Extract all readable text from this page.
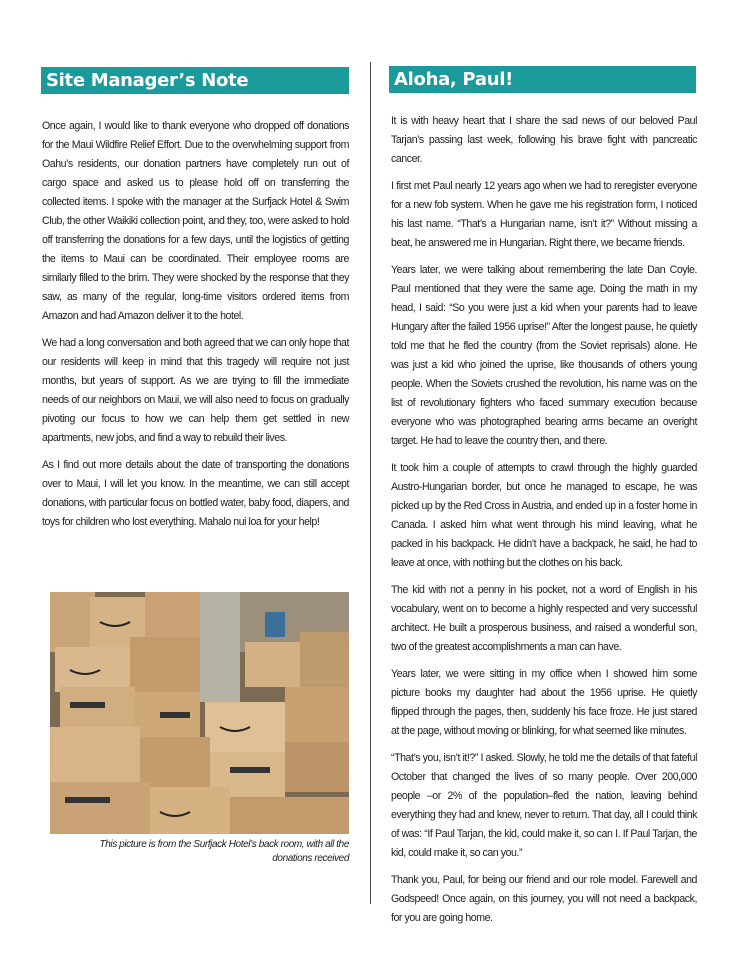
Site Manager’s Note

Once again, I would like to thank everyone who dropped off donations for the Maui Wildfire Relief Effort. Due to the overwhelming support from Oahu’s residents, our donation partners have completely run out of cargo space and asked us to please hold off on transferring the collected items. I spoke with the manager at the Surfjack Hotel & Swim Club, the other Waikiki collection point, and they, too, were asked to hold off transferring the donations for a few days, until the logistics of getting the items to Maui can be coordinated. Their employee rooms are similarly filled to the brim. They were shocked by the response that they saw, as many of the regular, long-time visitors ordered items from Amazon and had Amazon deliver it to the hotel.

We had a long conversation and both agreed that we can only hope that our residents will keep in mind that this tragedy will require not just months, but years of support. As we are trying to fill the immediate needs of our neighbors on Maui, we will also need to focus on gradually pivoting our focus to how we can help them get settled in new apartments, new jobs, and find a way to rebuild their lives.

As I find out more details about the date of transporting the donations over to Maui, I will let you know. In the meantime, we can still accept donations, with particular focus on bottled water, baby food, diapers, and toys for children who lost everything. Mahalo nui loa for your help!

This picture is from the Surfjack Hotel’s back room, with all the donations received
Aloha, Paul!

It is with heavy heart that I share the sad news of our beloved Paul Tarjan’s passing last week, following his brave fight with pancreatic cancer.

I first met Paul nearly 12 years ago when we had to reregister everyone for a new fob system. When he gave me his registration form, I noticed his last name. “That’s a Hungarian name, isn’t it?” Without missing a beat, he answered me in Hungarian. Right there, we became friends.

Years later, we were talking about remembering the late Dan Coyle. Paul mentioned that they were the same age. Doing the math in my head, I said: “So you were just a kid when your parents had to leave Hungary after the failed 1956 uprise!” After the longest pause, he quietly told me that he fled the country (from the Soviet reprisals) alone. He was just a kid who joined the uprise, like thousands of others young people. When the Soviets crushed the revolution, his name was on the list of revolutionary fighters who faced summary execution because everyone who was photographed bearing arms became an overight target. He had to leave the country then, and there.

It took him a couple of attempts to crawl through the highly guarded Austro-Hungarian border, but once he managed to escape, he was picked up by the Red Cross in Austria, and ended up in a foster home in Canada. I asked him what went through his mind leaving, what he packed in his backpack. He didn’t have a backpack, he said, he had to leave at once, with nothing but the clothes on his back.

The kid with not a penny in his pocket, not a word of English in his vocabulary, went on to become a highly respected and very successful architect. He built a prosperous business, and raised a wonderful son, two of the greatest accomplishments a man can have.

Years later, we were sitting in my office when I showed him some picture books my daughter had about the 1956 uprise. He quietly flipped through the pages, then, suddenly his face froze. He just stared at the page, without moving or blinking, for what seemed like minutes.

“That’s you, isn’t it!?” I asked. Slowly, he told me the details of that fateful October that changed the lives of so many people. Over 200,000 people –or 2% of the population–fled the nation, leaving behind everything they had and knew, never to return. That day, all I could think of was: “If Paul Tarjan, the kid, could make it, so can I. If Paul Tarjan, the kid, could make it, so can you.”

Thank you, Paul, for being our friend and our role model. Farewell and Godspeed! Once again, on this journey, you will not need a backpack, for you are going home.
